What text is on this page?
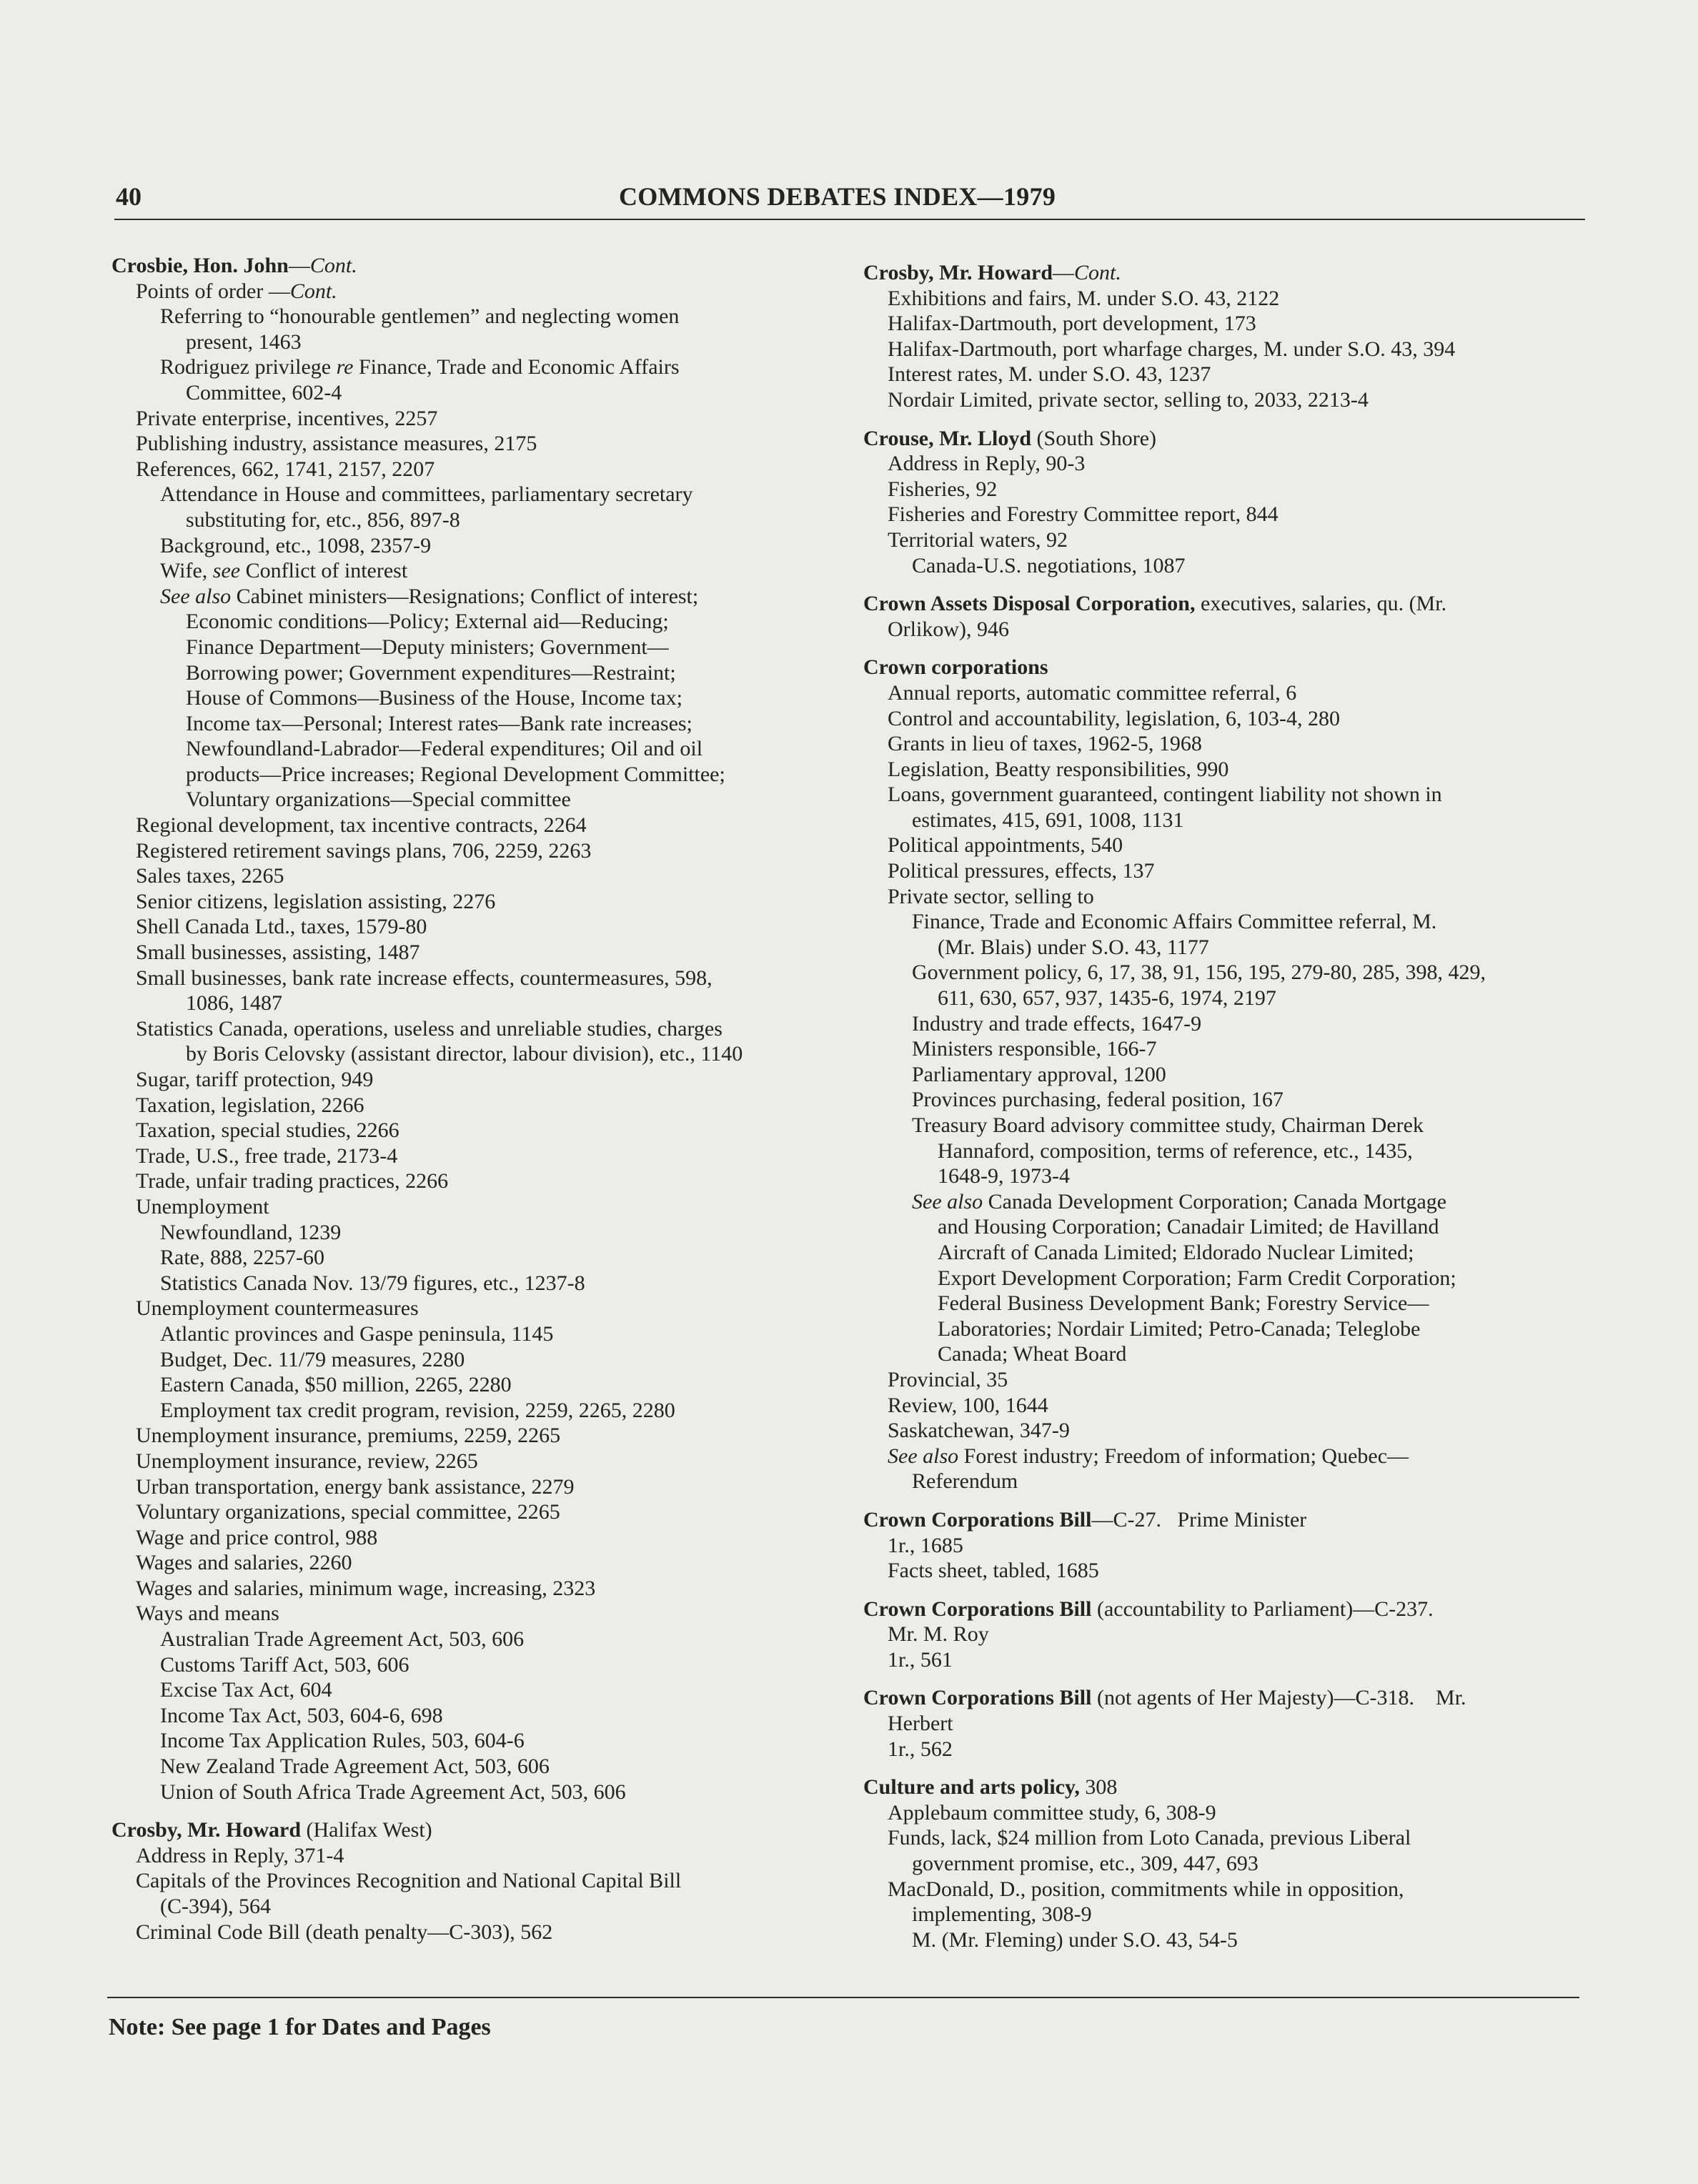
40	COMMONS DEBATES INDEX—1979
Crosbie, Hon. John—Cont.
Points of order —Cont.
Referring to “honourable gentlemen” and neglecting women
present, 1463
Rodriguez privilege re Finance, Trade and Economic Affairs
Committee, 602-4
Private enterprise, incentives, 2257
Publishing industry, assistance measures, 2175
References, 662, 1741, 2157, 2207
Attendance in House and committees, parliamentary secretary
substituting for, etc., 856, 897-8
Background, etc., 1098, 2357-9
Wife, see Conflict of interest
See also Cabinet ministers—Resignations; Conflict of interest;
Economic conditions—Policy; External aid—Reducing;
Finance Department—Deputy ministers; Government—
Borrowing power; Government expenditures—Restraint;
House of Commons—Business of the House, Income tax;
Income tax—Personal; Interest rates—Bank rate increases;
Newfoundland-Labrador—Federal expenditures; Oil and oil
products—Price increases; Regional Development Committee;
Voluntary organizations—Special committee
Regional development, tax incentive contracts, 2264
Registered retirement savings plans, 706, 2259, 2263
Sales taxes, 2265
Senior citizens, legislation assisting, 2276
Shell Canada Ltd., taxes, 1579-80
Small businesses, assisting, 1487
Small businesses, bank rate increase effects, countermeasures, 598,
1086, 1487
Statistics Canada, operations, useless and unreliable studies, charges
by Boris Celovsky (assistant director, labour division), etc., 1140
Sugar, tariff protection, 949
Taxation, legislation, 2266
Taxation, special studies, 2266
Trade, U.S., free trade, 2173-4
Trade, unfair trading practices, 2266
Unemployment
Newfoundland, 1239
Rate, 888, 2257-60
Statistics Canada Nov. 13/79 figures, etc., 1237-8
Unemployment countermeasures
Atlantic provinces and Gaspe peninsula, 1145
Budget, Dec. 11/79 measures, 2280
Eastern Canada, $50 million, 2265, 2280
Employment tax credit program, revision, 2259, 2265, 2280
Unemployment insurance, premiums, 2259, 2265
Unemployment insurance, review, 2265
Urban transportation, energy bank assistance, 2279
Voluntary organizations, special committee, 2265
Wage and price control, 988
Wages and salaries, 2260
Wages and salaries, minimum wage, increasing, 2323
Ways and means
Australian Trade Agreement Act, 503, 606
Customs Tariff Act, 503, 606
Excise Tax Act, 604
Income Tax Act, 503, 604-6, 698
Income Tax Application Rules, 503, 604-6
New Zealand Trade Agreement Act, 503, 606
Union of South Africa Trade Agreement Act, 503, 606
Crosby, Mr. Howard (Halifax West)
Address in Reply, 371-4
Capitals of the Provinces Recognition and National Capital Bill
(C-394), 564
Criminal Code Bill (death penalty—C-303), 562
Crosby, Mr. Howard—Cont.
Exhibitions and fairs, M. under S.O. 43, 2122
Halifax-Dartmouth, port development, 173
Halifax-Dartmouth, port wharfage charges, M. under S.O. 43, 394
Interest rates, M. under S.O. 43, 1237
Nordair Limited, private sector, selling to, 2033, 2213-4
Crouse, Mr. Lloyd (South Shore)
Address in Reply, 90-3
Fisheries, 92
Fisheries and Forestry Committee report, 844
Territorial waters, 92
Canada-U.S. negotiations, 1087
Crown Assets Disposal Corporation, executives, salaries, qu. (Mr.
Orlikow), 946
Crown corporations
Annual reports, automatic committee referral, 6
Control and accountability, legislation, 6, 103-4, 280
Grants in lieu of taxes, 1962-5, 1968
Legislation, Beatty responsibilities, 990
Loans, government guaranteed, contingent liability not shown in
estimates, 415, 691, 1008, 1131
Political appointments, 540
Political pressures, effects, 137
Private sector, selling to
Finance, Trade and Economic Affairs Committee referral, M.
(Mr. Blais) under S.O. 43, 1177
Government policy, 6, 17, 38, 91, 156, 195, 279-80, 285, 398, 429,
611, 630, 657, 937, 1435-6, 1974, 2197
Industry and trade effects, 1647-9
Ministers responsible, 166-7
Parliamentary approval, 1200
Provinces purchasing, federal position, 167
Treasury Board advisory committee study, Chairman Derek
Hannaford, composition, terms of reference, etc., 1435,
1648-9, 1973-4
See also Canada Development Corporation; Canada Mortgage
and Housing Corporation; Canadair Limited; de Havilland
Aircraft of Canada Limited; Eldorado Nuclear Limited;
Export Development Corporation; Farm Credit Corporation;
Federal Business Development Bank; Forestry Service—
Laboratories; Nordair Limited; Petro-Canada; Teleglobe
Canada; Wheat Board
Provincial, 35
Review, 100, 1644
Saskatchewan, 347-9
See also Forest industry; Freedom of information; Quebec—
Referendum
Crown Corporations Bill—C-27.  Prime Minister
1r., 1685
Facts sheet, tabled, 1685
Crown Corporations Bill (accountability to Parliament)—C-237.
Mr. M. Roy
1r., 561
Crown Corporations Bill (not agents of Her Majesty)—C-318. Mr.
Herbert
1r., 562
Culture and arts policy, 308
Applebaum committee study, 6, 308-9
Funds, lack, $24 million from Loto Canada, previous Liberal
government promise, etc., 309, 447, 693
MacDonald, D., position, commitments while in opposition,
implementing, 308-9
M. (Mr. Fleming) under S.O. 43, 54-5
Note: See page 1 for Dates and Pages
